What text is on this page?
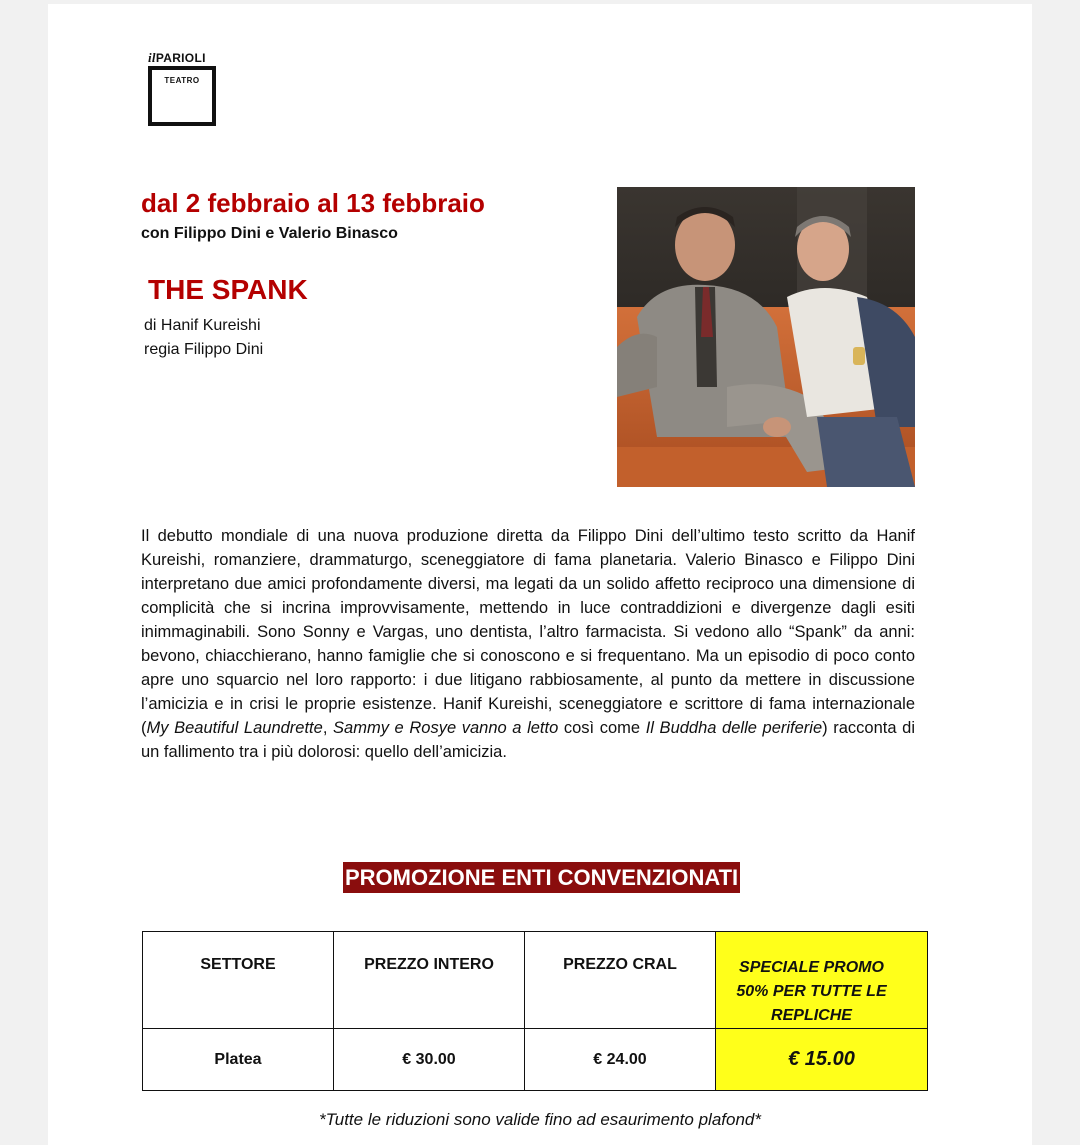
ilPARIOLI
TEATRO
dal 2 febbraio al 13 febbraio
con Filippo Dini e Valerio Binasco
THE SPANK
di Hanif Kureishi
regia Filippo Dini
Il debutto mondiale di una nuova produzione diretta da Filippo Dini dell’ultimo testo scritto da Hanif Kureishi, romanziere, drammaturgo, sceneggiatore di fama planetaria. Valerio Binasco e Filippo Dini interpretano due amici profondamente diversi, ma legati da un solido affetto reciproco una dimensione di complicità che si incrina improvvisamente, mettendo in luce contraddizioni e divergenze dagli esiti inimmaginabili. Sono Sonny e Vargas, uno dentista, l’altro farmacista. Si vedono allo “Spank” da anni: bevono, chiacchierano, hanno famiglie che si conoscono e si frequentano. Ma un episodio di poco conto apre uno squarcio nel loro rapporto: i due litigano rabbiosamente, al punto da mettere in discussione l’amicizia e in crisi le proprie esistenze. Hanif Kureishi, sceneggiatore e scrittore di fama internazionale (My Beautiful Laundrette, Sammy e Rosye vanno a letto così come Il Buddha delle periferie) racconta di un fallimento tra i più dolorosi: quello dell’amicizia.
PROMOZIONE ENTI CONVENZIONATI
SETTORE	PREZZO INTERO	PREZZO CRAL	SPECIALE PROMO 50% PER TUTTE LE REPLICHE

Platea	€ 30.00	€ 24.00	€ 15.00
*Tutte le riduzioni sono valide fino ad esaurimento plafond*
